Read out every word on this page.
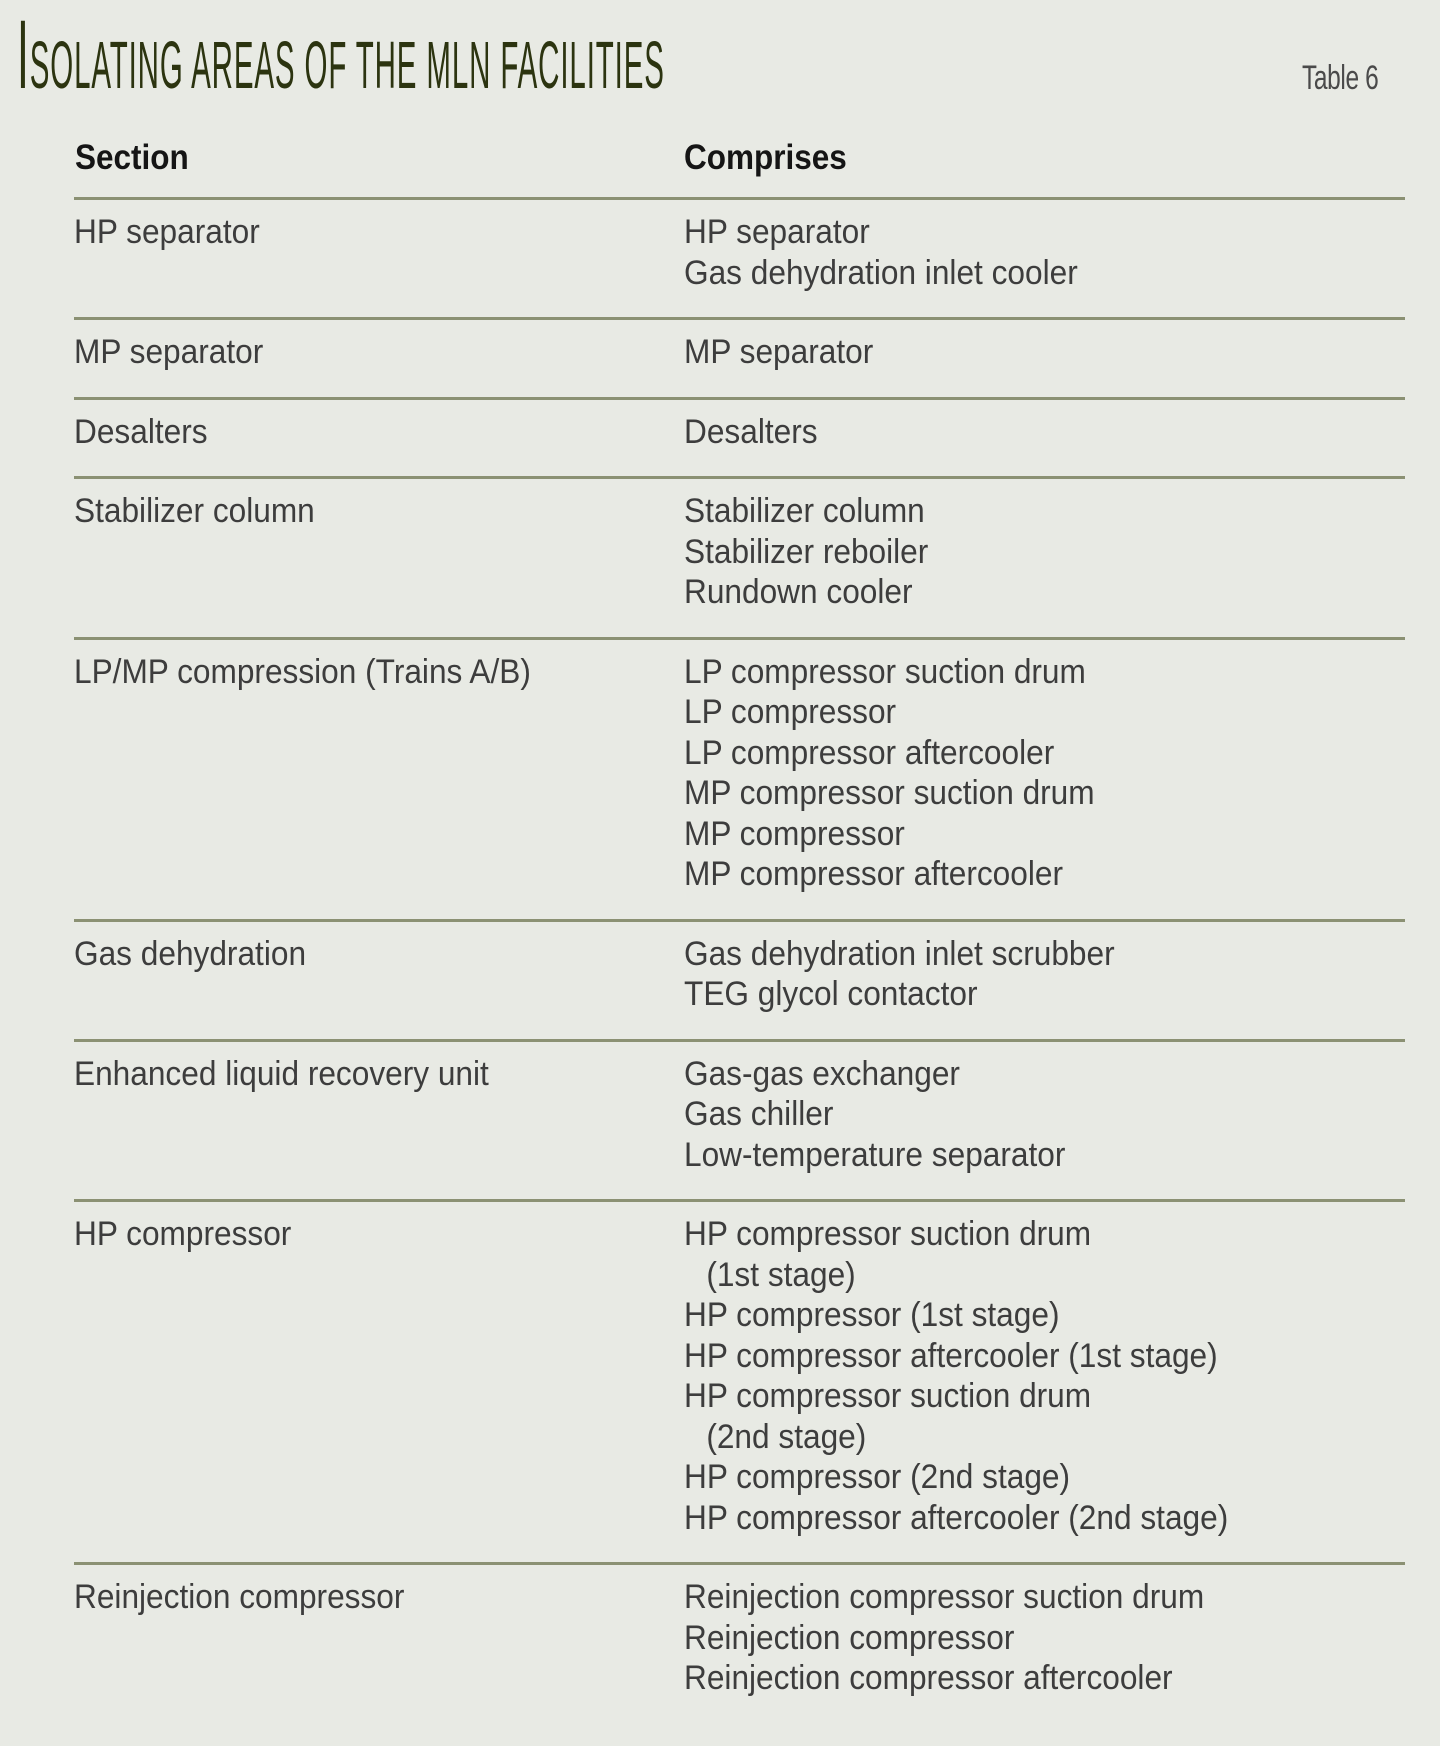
ISOLATING AREAS OF THE MLN FACILITIES	Table 6
Section	Comprises
HP separator	HP separator
Gas dehydration inlet cooler
MP separator	MP separator
Desalters	Desalters
Stabilizer column	Stabilizer column
Stabilizer reboiler
Rundown cooler
LP/MP compression (Trains A/B)	LP compressor suction drum
LP compressor
LP compressor aftercooler
MP compressor suction drum
MP compressor
MP compressor aftercooler
Gas dehydration	Gas dehydration inlet scrubber
TEG glycol contactor
Enhanced liquid recovery unit	Gas-gas exchanger
Gas chiller
Low-temperature separator
HP compressor	HP compressor suction drum
(1st stage)
HP compressor (1st stage)
HP compressor aftercooler (1st stage)
HP compressor suction drum
(2nd stage)
HP compressor (2nd stage)
HP compressor aftercooler (2nd stage)
Reinjection compressor	Reinjection compressor suction drum
Reinjection compressor
Reinjection compressor aftercooler
